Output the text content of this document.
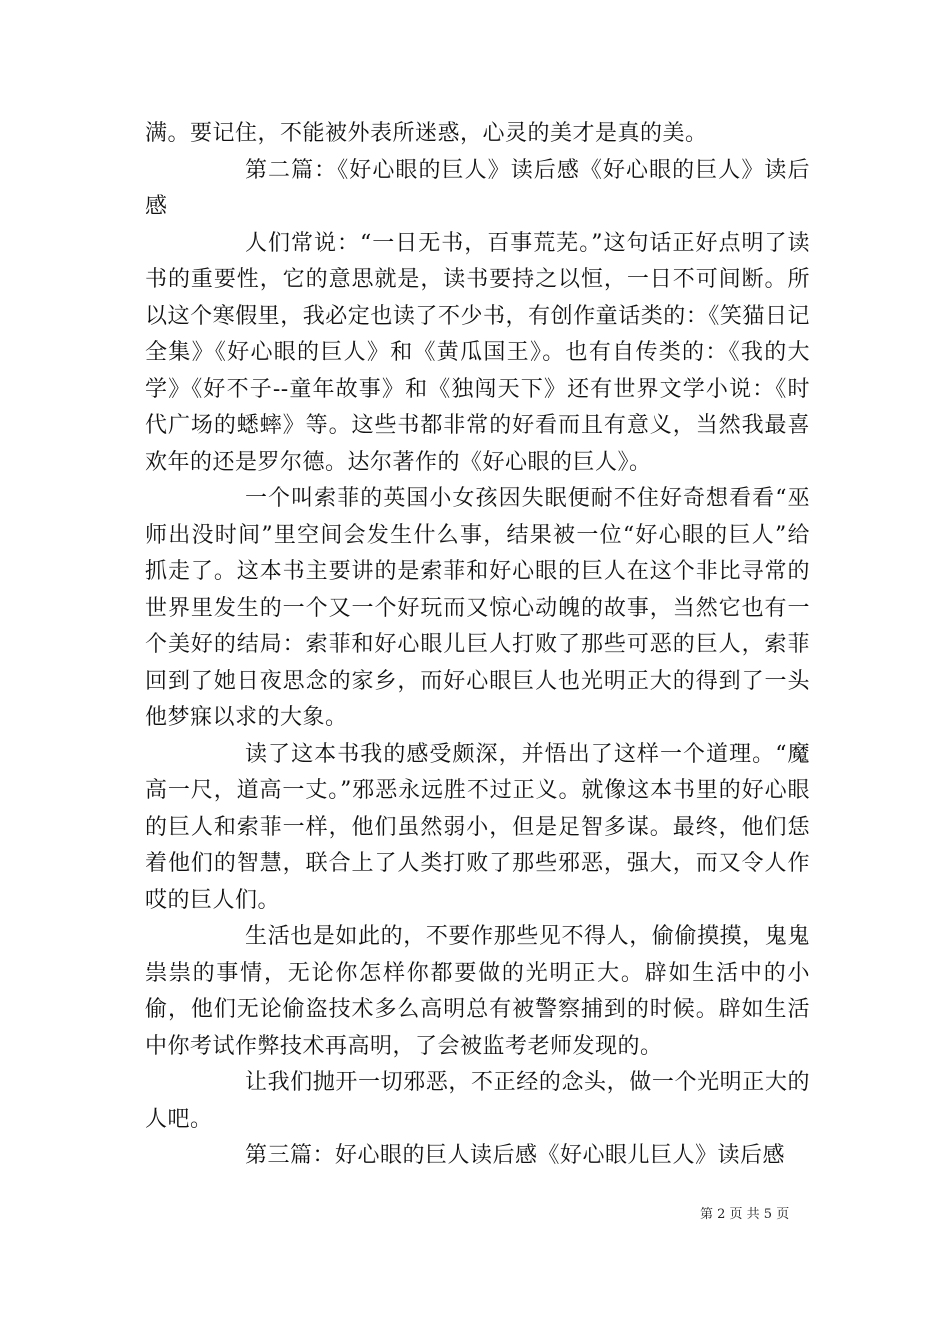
满。要记住，不能被外表所迷惑，心灵的美才是真的美。

第二篇：《好心眼的巨人》读后感《好心眼的巨人》读后感

人们常说：“一日无书，百事荒芜。”这句话正好点明了读书的重要性，它的意思就是，读书要持之以恒，一日不可间断。所以这个寒假里，我必定也读了不少书，有创作童话类的：《笑猫日记全集》《好心眼的巨人》和《黄瓜国王》。也有自传类的：《我的大学》《好不子--童年故事》和《独闯天下》还有世界文学小说：《时代广场的蟋蟀》等。这些书都非常的好看而且有意义，当然我最喜欢年的还是罗尔德。达尔著作的《好心眼的巨人》。

一个叫索菲的英国小女孩因失眠便耐不住好奇想看看“巫师出没时间”里空间会发生什么事，结果被一位“好心眼的巨人”给抓走了。这本书主要讲的是索菲和好心眼的巨人在这个非比寻常的世界里发生的一个又一个好玩而又惊心动魄的故事，当然它也有一个美好的结局：索菲和好心眼儿巨人打败了那些可恶的巨人，索菲回到了她日夜思念的家乡，而好心眼巨人也光明正大的得到了一头他梦寐以求的大象。

读了这本书我的感受颇深，并悟出了这样一个道理。“魔高一尺，道高一丈。”邪恶永远胜不过正义。就像这本书里的好心眼的巨人和索菲一样，他们虽然弱小，但是足智多谋。最终，他们恁着他们的智慧，联合上了人类打败了那些邪恶，强大，而又令人作哎的巨人们。

生活也是如此的，不要作那些见不得人，偷偷摸摸，鬼鬼祟祟的事情，无论你怎样你都要做的光明正大。辟如生活中的小偷，他们无论偷盗技术多么高明总有被警察捕到的时候。辟如生活中你考试作弊技术再高明，了会被监考老师发现的。

让我们抛开一切邪恶，不正经的念头，做一个光明正大的人吧。

第三篇：好心眼的巨人读后感《好心眼儿巨人》读后感

第 2 页 共 5 页
